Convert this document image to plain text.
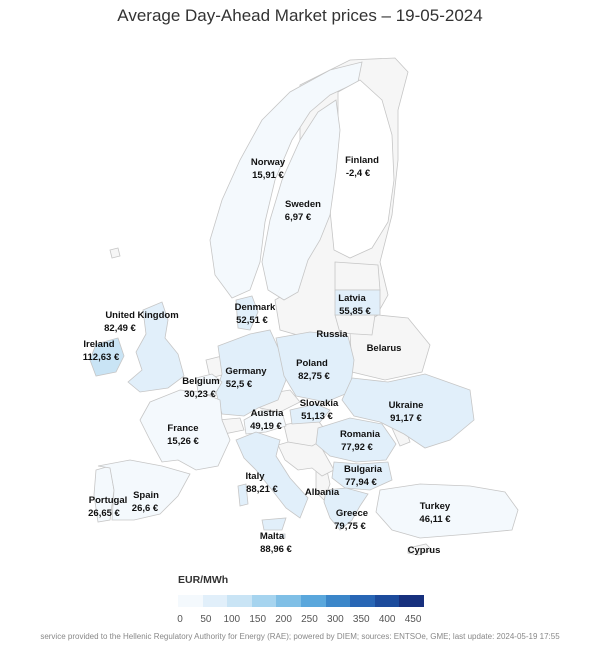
Average Day-Ahead Market prices – 19-05-2024
Norway
15,91 €
Finland
-2,4 €
Sweden
6,97 €
Denmark
52,51 €
Latvia
55,85 €
United Kingdom
82,49 €
Ireland
112,63 €
Russia
Belarus
Germany
52,5 €
Poland
82,75 €
Belgium
30,23 €
France
15,26 €
Austria
49,19 €
Slovakia
51,13 €
Ukraine
91,17 €
Romania
77,92 €
Bulgaria
77,94 €
Italy
88,21 €
Portugal
26,65 €
Spain
26,6 €
Albania
Greece
79,75 €
Turkey
46,11 €
Malta
88,96 €	Cyprus
EUR/MWh
0 50 100 150 200 250 300 350 400 450
service provided to the Hellenic Regulatory Authority for Energy (RAE); powered by DIEM; sources: ENTSOe, GME; last update: 2024-05-19 17:55
